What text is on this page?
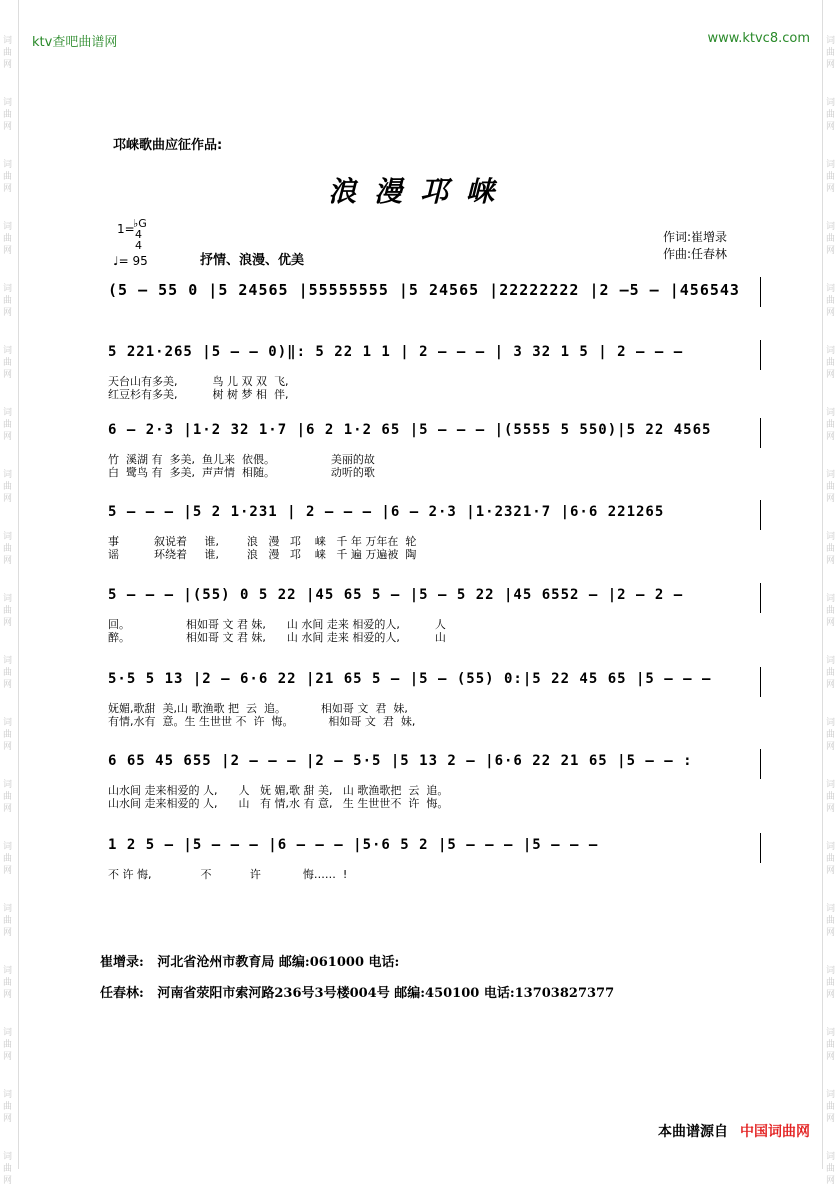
词
曲
网
词
曲
网
词
曲
网
词
曲
网
词
曲
网
词
曲
网
词
曲
网
词
曲
网
词
曲
网
词
曲
网
词
曲
网
词
曲
网
词
曲
网
词
曲
网
词
曲
网
词
曲
网
词
曲
网
词
曲
网
词
曲
网
词
曲
网
词
曲
网
词
曲
网
词
曲
网
词
曲
网
词
曲
网
词
曲
网
词
曲
网
词
曲
网
词
曲
网
词
曲
网
词
曲
网
词
曲
网
词
曲
网
词
曲
网
词
曲
网
词
曲
网
词
曲
网
词
曲
网
ktv查吧曲谱网	www.ktvc8.com
邛崃歌曲应征作品:
浪漫邛崃
1=
♭G4
4
♩= 95	抒情、浪漫、优美
作词:崔增录
作曲:任春林
(5 – 55 0 |5 24565 |55555555 |5 24565 |22222222 |2 –5 – |456543
5 221·265 |5 – – 0)‖: 5 22 1 1 | 2 – – – | 3 32 1 5 | 2 – – –
天台山有多美,          鸟 儿 双 双  飞,
红豆杉有多美,          树 树 梦 相  伴,
6 – 2·3 |1·2 32 1·7 |6 2 1·2 65 |5 – – – |(5555 5 550)|5 22 4565
竹  溪湖 有  多美,  鱼儿来  依偎。                美丽的故
白  鹭鸟 有  多美,  声声情  相随。                动听的歌
5 – – – |5 2 1·231 | 2 – – – |6 – 2·3 |1·2321·7 |6·6 221265
事          叙说着     谁,        浪   漫   邛    崃   千 年 万年在  轮
谣          环绕着     谁,        浪   漫   邛    崃   千 遍 万遍被  陶
5 – – – |(55) 0 5 22 |45 65 5 – |5 – 5 22 |45 6552 – |2 – 2 –
回。                相如哥 文 君 妹,      山 水间 走来 相爱的人,          人
醉。                相如哥 文 君 妹,      山 水间 走来 相爱的人,          山
5·5 5 13 |2 – 6·6 22 |21 65 5 – |5 – (55) 0:|5 22 45 65 |5 – – –
妩媚,歌甜  美,山 歌渔歌 把  云  追。          相如哥 文  君  妹,
有情,水有  意。生 生世世 不  许  悔。          相如哥 文  君  妹,
6 65 45 655 |2 – – – |2 – 5·5 |5 13 2 – |6·6 22 21 65 |5 – – :
山水间 走来相爱的 人,      人   妩 媚,歌 甜 美,   山 歌渔歌把  云  追。
山水间 走来相爱的 人,      山   有 情,水 有 意,   生 生世世不  许  悔。
1 2 5 – |5 – – – |6 – – – |5·6 5 2 |5 – – – |5 – – –
不 许 悔,              不           许            悔……  !
崔增录: 河北省沧州市教育局 邮编:061000 电话:
任春林: 河南省荥阳市索河路236号3号楼004号 邮编:450100 电话:13703827377
本曲谱源自 中国词曲网
